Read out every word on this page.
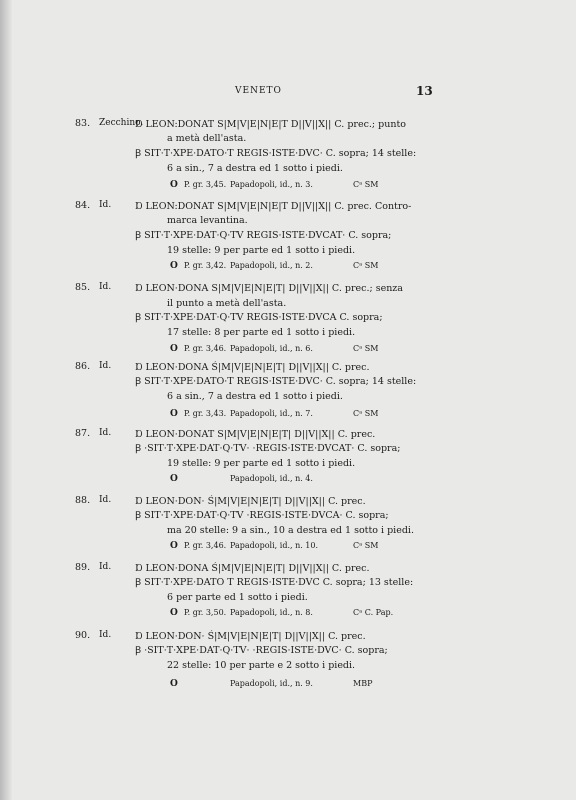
VENETO	13
83. Zecchino.
Ɒ LEON:DONAT S|M|V|E|N|E|T D||V||X|| C. prec.; punto
a metà dell'asta.
Ꞵ SIT·T·XPE·DATO·T REGIS·ISTE·DVC· C. sopra; 14 stelle:
6 a sin., 7 a destra ed 1 sotto i piedi.
O P. gr. 3,45. Papadopoli, id., n. 3.	Cᵃ SM
84. Id.	Ɒ LEON:DONAT S|M|V|E|N|E|T D||V||X|| C. prec. Contro-
marca levantina.
Ꞵ SIT·T·XPE·DAT·Q·TV REGIS·ISTE·DVCAT· C. sopra;
19 stelle: 9 per parte ed 1 sotto i piedi.
O P. gr. 3,42. Papadopoli, id., n. 2.	Cᵃ SM
85. Id.	Ɒ LEON·DONA S|M|V|E|N|E|T| D||V||X|| C. prec.; senza
il punto a metà dell'asta.
Ꞵ SIT·T·XPE·DAT·Q·TV REGIS·ISTE·DVCA C. sopra;
17 stelle: 8 per parte ed 1 sotto i piedi.
O P. gr. 3,46. Papadopoli, id., n. 6.	Cᵃ SM
86. Id.	Ɒ LEON·DONA Ś|M|V|E|N|E|T| D||V||X|| C. prec.
Ꞵ SIT·T·XPE·DATO·T REGIS·ISTE·DVC· C. sopra; 14 stelle:
6 a sin., 7 a destra ed 1 sotto i piedi.
O P. gr. 3,43. Papadopoli, id., n. 7.	Cᵃ SM
87. Id.	Ɒ LEON·DONAT S|M|V|E|N|E|T| D||V||X|| C. prec.
Ꞵ ·SIT·T·XPE·DAT·Q·TV· ·REGIS·ISTE·DVCAT· C. sopra;
19 stelle: 9 per parte ed 1 sotto i piedi.
O	Papadopoli, id., n. 4.
88. Id.	Ɒ LEON·DON· Ś|M|V|E|N|E|T| D||V||X|| C. prec.
Ꞵ SIT·T·XPE·DAT·Q·TV ·REGIS·ISTE·DVCA· C. sopra;
ma 20 stelle: 9 a sin., 10 a destra ed 1 sotto i piedi.
O P. gr. 3,46. Papadopoli, id., n. 10.	Cᵃ SM
89. Id.	Ɒ LEON·DONA Ś|M|V|E|N|E|T| D||V||X|| C. prec.
Ꞵ SIT·T·XPE·DATO T REGIS·ISTE·DVC C. sopra; 13 stelle:
6 per parte ed 1 sotto i piedi.
O P. gr. 3,50. Papadopoli, id., n. 8.	Cᵃ C. Pap.
90. Id.	Ɒ LEON·DON· Ś|M|V|E|N|E|T| D||V||X|| C. prec.
Ꞵ ·SIT·T·XPE·DAT·Q·TV· ·REGIS·ISTE·DVC· C. sopra;
22 stelle: 10 per parte e 2 sotto i piedi.
O	Papadopoli, id., n. 9.	MBP
